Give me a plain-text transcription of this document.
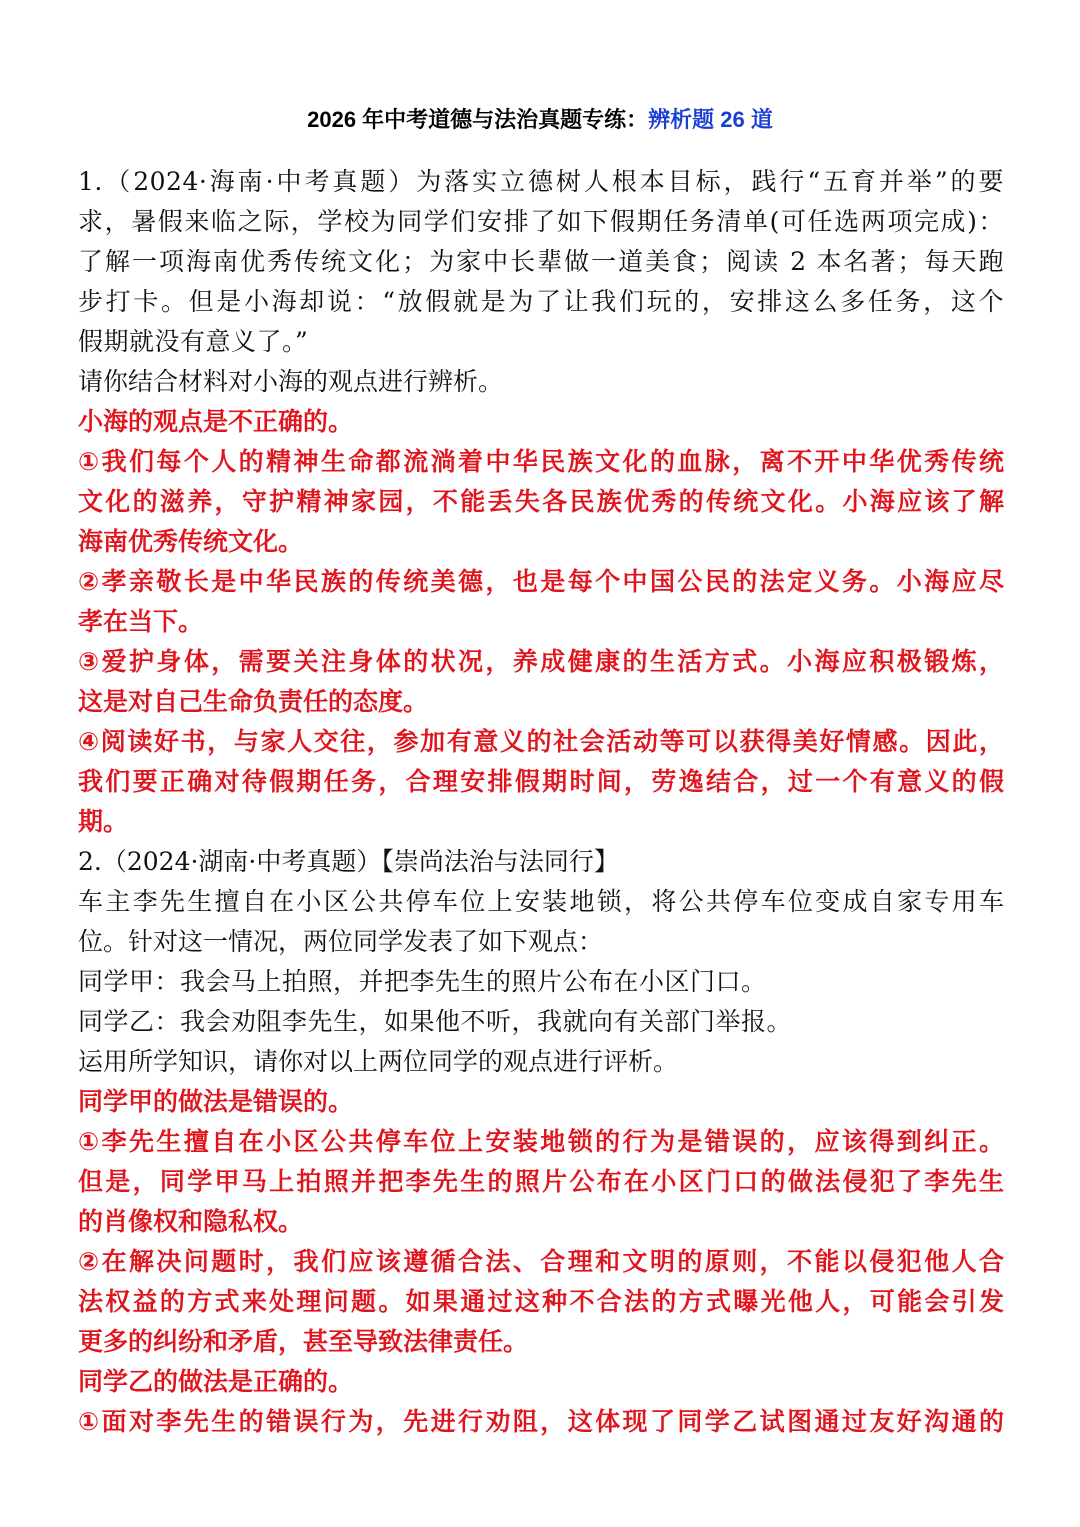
2026 年中考道德与法治真题专练：辨析题 26 道
1.（2024·海南·中考真题）为落实立德树人根本目标，践行“五育并举”的要
求，暑假来临之际，学校为同学们安排了如下假期任务清单(可任选两项完成)：
了解一项海南优秀传统文化；为家中长辈做一道美食；阅读 2 本名著；每天跑
步打卡。但是小海却说：“放假就是为了让我们玩的，安排这么多任务，这个
假期就没有意义了。”
请你结合材料对小海的观点进行辨析。
小海的观点是不正确的。
①我们每个人的精神生命都流淌着中华民族文化的血脉，离不开中华优秀传统
文化的滋养，守护精神家园，不能丢失各民族优秀的传统文化。小海应该了解
海南优秀传统文化。
②孝亲敬长是中华民族的传统美德，也是每个中国公民的法定义务。小海应尽
孝在当下。
③爱护身体，需要关注身体的状况，养成健康的生活方式。小海应积极锻炼，
这是对自己生命负责任的态度。
④阅读好书，与家人交往，参加有意义的社会活动等可以获得美好情感。因此，
我们要正确对待假期任务，合理安排假期时间，劳逸结合，过一个有意义的假
期。
2.（2024·湖南·中考真题）【崇尚法治与法同行】
车主李先生擅自在小区公共停车位上安装地锁，将公共停车位变成自家专用车
位。针对这一情况，两位同学发表了如下观点：
同学甲：我会马上拍照，并把李先生的照片公布在小区门口。
同学乙：我会劝阻李先生，如果他不听，我就向有关部门举报。
运用所学知识，请你对以上两位同学的观点进行评析。
同学甲的做法是错误的。
①李先生擅自在小区公共停车位上安装地锁的行为是错误的，应该得到纠正。
但是，同学甲马上拍照并把李先生的照片公布在小区门口的做法侵犯了李先生
的肖像权和隐私权。
②在解决问题时，我们应该遵循合法、合理和文明的原则，不能以侵犯他人合
法权益的方式来处理问题。如果通过这种不合法的方式曝光他人，可能会引发
更多的纠纷和矛盾，甚至导致法律责任。
同学乙的做法是正确的。
①面对李先生的错误行为，先进行劝阻，这体现了同学乙试图通过友好沟通的
